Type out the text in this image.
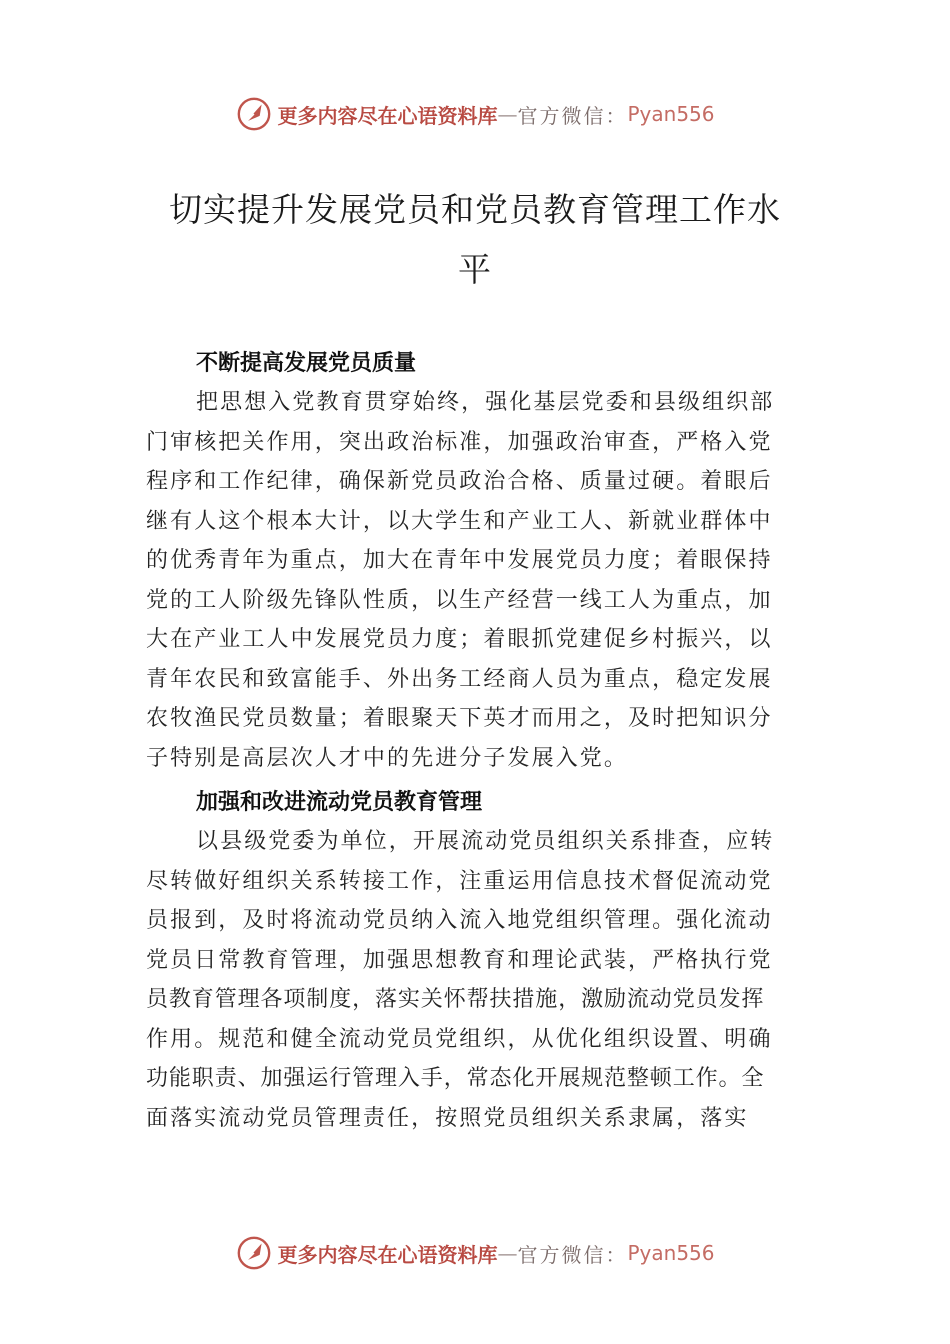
更多内容尽在心语资料库 — 官方微信： Pyan556
切实提升发展党员和党员教育管理工作水
平
不断提高发展党员质量
把思想入党教育贯穿始终，强化基层党委和县级组织部
门审核把关作用，突出政治标准，加强政治审查，严格入党
程序和工作纪律，确保新党员政治合格、质量过硬。着眼后
继有人这个根本大计，以大学生和产业工人、新就业群体中
的优秀青年为重点，加大在青年中发展党员力度；着眼保持
党的工人阶级先锋队性质，以生产经营一线工人为重点，加
大在产业工人中发展党员力度；着眼抓党建促乡村振兴，以
青年农民和致富能手、外出务工经商人员为重点，稳定发展
农牧渔民党员数量；着眼聚天下英才而用之，及时把知识分
子特别是高层次人才中的先进分子发展入党。
加强和改进流动党员教育管理
以县级党委为单位，开展流动党员组织关系排查，应转
尽转做好组织关系转接工作，注重运用信息技术督促流动党
员报到，及时将流动党员纳入流入地党组织管理。强化流动
党员日常教育管理，加强思想教育和理论武装，严格执行党
员教育管理各项制度，落实关怀帮扶措施，激励流动党员发挥
作用。规范和健全流动党员党组织，从优化组织设置、明确
功能职责、加强运行管理入手，常态化开展规范整顿工作。全
面落实流动党员管理责任，按照党员组织关系隶属，落实
更多内容尽在心语资料库 — 官方微信： Pyan556
